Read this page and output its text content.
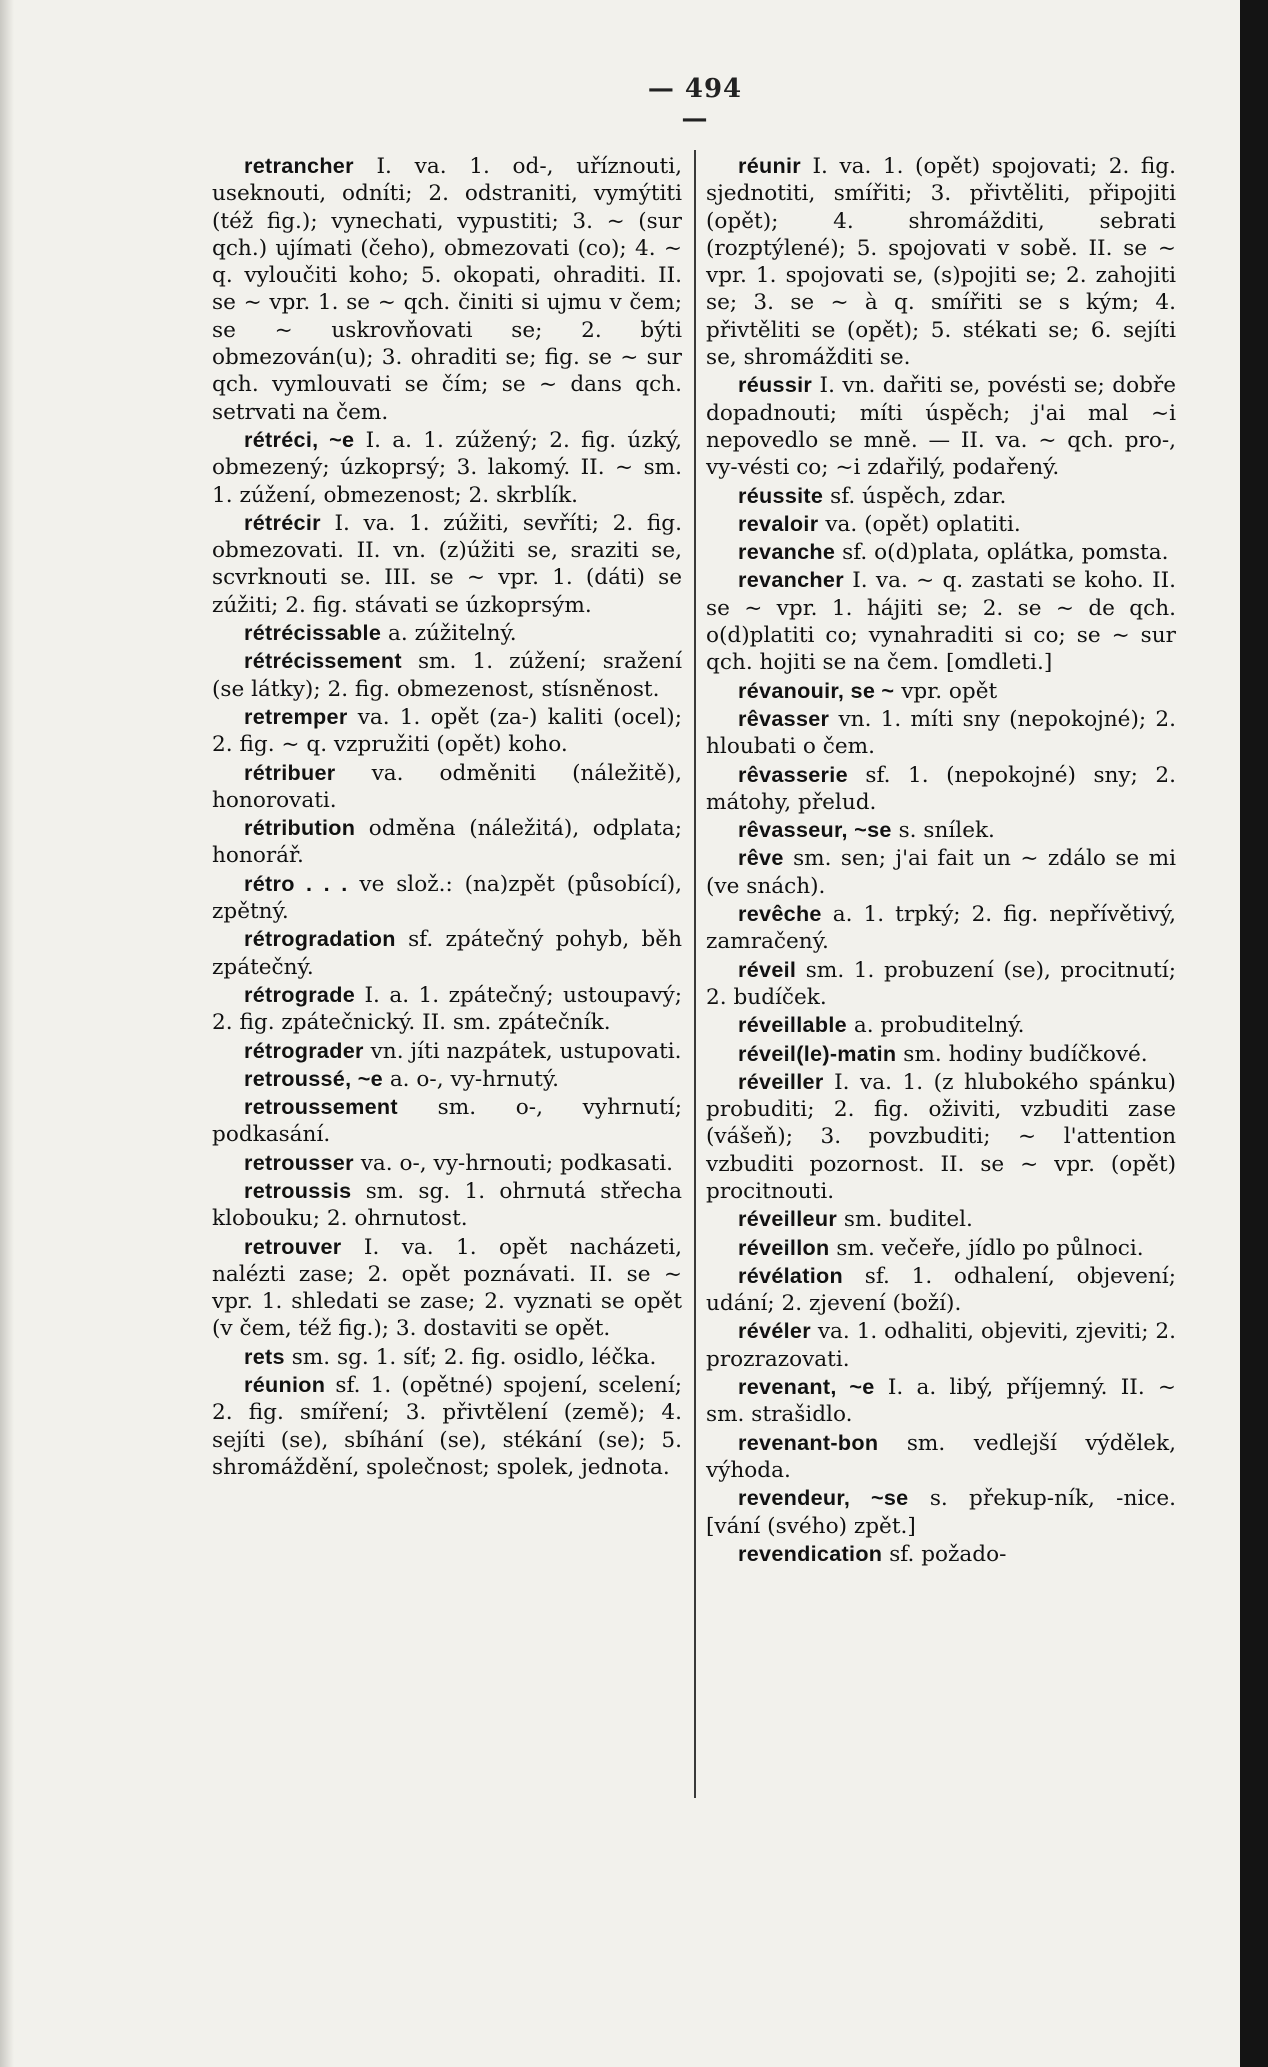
— 494 —

retrancher I. va. 1. od-, uříznouti, useknouti, odníti; 2. odstraniti, vymýtiti (též fig.); vynechati, vypustiti; 3. ~ (sur qch.) ujímati (čeho), obmezovati (co); 4. ~ q. vyloučiti koho; 5. okopati, ohraditi. II. se ~ vpr. 1. se ~ qch. činiti si ujmu v čem; se ~ uskrovňovati se; 2. býti obmezován(u); 3. ohraditi se; fig. se ~ sur qch. vymlouvati se čím; se ~ dans qch. setrvati na čem.

rétréci, ~e I. a. 1. zúžený; 2. fig. úzký, obmezený; úzkoprsý; 3. lakomý. II. ~ sm. 1. zúžení, obmezenost; 2. skrblík.

rétrécir I. va. 1. zúžiti, sevříti; 2. fig. obmezovati. II. vn. (z)úžiti se, sraziti se, scvrknouti se. III. se ~ vpr. 1. (dáti) se zúžiti; 2. fig. stávati se úzkoprsým.

rétrécissable a. zúžitelný.

rétrécissement sm. 1. zúžení; sražení (se látky); 2. fig. obmezenost, stísněnost.

retremper va. 1. opět (za-) kaliti (ocel); 2. fig. ~ q. vzpružiti (opět) koho.

rétribuer va. odměniti (náležitě), honorovati.

rétribution odměna (náležitá), odplata; honorář.

rétro . . . ve slož.: (na)zpět (působící), zpětný.

rétrogradation sf. zpátečný pohyb, běh zpátečný.

rétrograde I. a. 1. zpátečný; ustoupavý; 2. fig. zpátečnický. II. sm. zpátečník.

rétrograder vn. jíti nazpátek, ustupovati.

retroussé, ~e a. o-, vy-hrnutý.

retroussement sm. o-, vyhrnutí; podkasání.

retrousser va. o-, vy-hrnouti; podkasati.

retroussis sm. sg. 1. ohrnutá střecha klobouku; 2. ohrnutost.

retrouver I. va. 1. opět nacházeti, nalézti zase; 2. opět poznávati. II. se ~ vpr. 1. shledati se zase; 2. vyznati se opět (v čem, též fig.); 3. dostaviti se opět.

rets sm. sg. 1. síť; 2. fig. osidlo, léčka.

réunion sf. 1. (opětné) spojení, scelení; 2. fig. smíření; 3. přivtělení (země); 4. sejíti (se), sbíhání (se), stékání (se); 5. shromáždění, společnost; spolek, jednota.

réunir I. va. 1. (opět) spojovati; 2. fig. sjednotiti, smířiti; 3. přivtěliti, připojiti (opět); 4. shromážditi, sebrati (rozptýlené); 5. spojovati v sobě. II. se ~ vpr. 1. spojovati se, (s)pojiti se; 2. zahojiti se; 3. se ~ à q. smířiti se s kým; 4. přivtěliti se (opět); 5. stékati se; 6. sejíti se, shromážditi se.

réussir I. vn. dařiti se, povésti se; dobře dopadnouti; míti úspěch; j'ai mal ~i nepovedlo se mně. — II. va. ~ qch. pro-, vy-vésti co; ~i zdařilý, podařený.

réussite sf. úspěch, zdar.

revaloir va. (opět) oplatiti.

revanche sf. o(d)plata, oplátka, pomsta.

revancher I. va. ~ q. zastati se koho. II. se ~ vpr. 1. hájiti se; 2. se ~ de qch. o(d)platiti co; vynahraditi si co; se ~ sur qch. hojiti se na čem. [omdleti.]

révanouir, se ~ vpr. opět

rêvasser vn. 1. míti sny (nepokojné); 2. hloubati o čem.

rêvasserie sf. 1. (nepokojné) sny; 2. mátohy, přelud.

rêvasseur, ~se s. snílek.

rêve sm. sen; j'ai fait un ~ zdálo se mi (ve snách).

revêche a. 1. trpký; 2. fig. nepřívětivý, zamračený.

réveil sm. 1. probuzení (se), procitnutí; 2. budíček.

réveillable a. probuditelný.

réveil(le)-matin sm. hodiny budíčkové.

réveiller I. va. 1. (z hlubokého spánku) probuditi; 2. fig. oživiti, vzbuditi zase (vášeň); 3. povzbuditi; ~ l'attention vzbuditi pozornost. II. se ~ vpr. (opět) procitnouti.

réveilleur sm. buditel.

réveillon sm. večeře, jídlo po půlnoci.

révélation sf. 1. odhalení, objevení; udání; 2. zjevení (boží).

révéler va. 1. odhaliti, objeviti, zjeviti; 2. prozrazovati.

revenant, ~e I. a. libý, příjemný. II. ~ sm. strašidlo.

revenant-bon sm. vedlejší výdělek, výhoda.

revendeur, ~se s. překup-ník, -nice. [vání (svého) zpět.]

revendication sf. požado-
